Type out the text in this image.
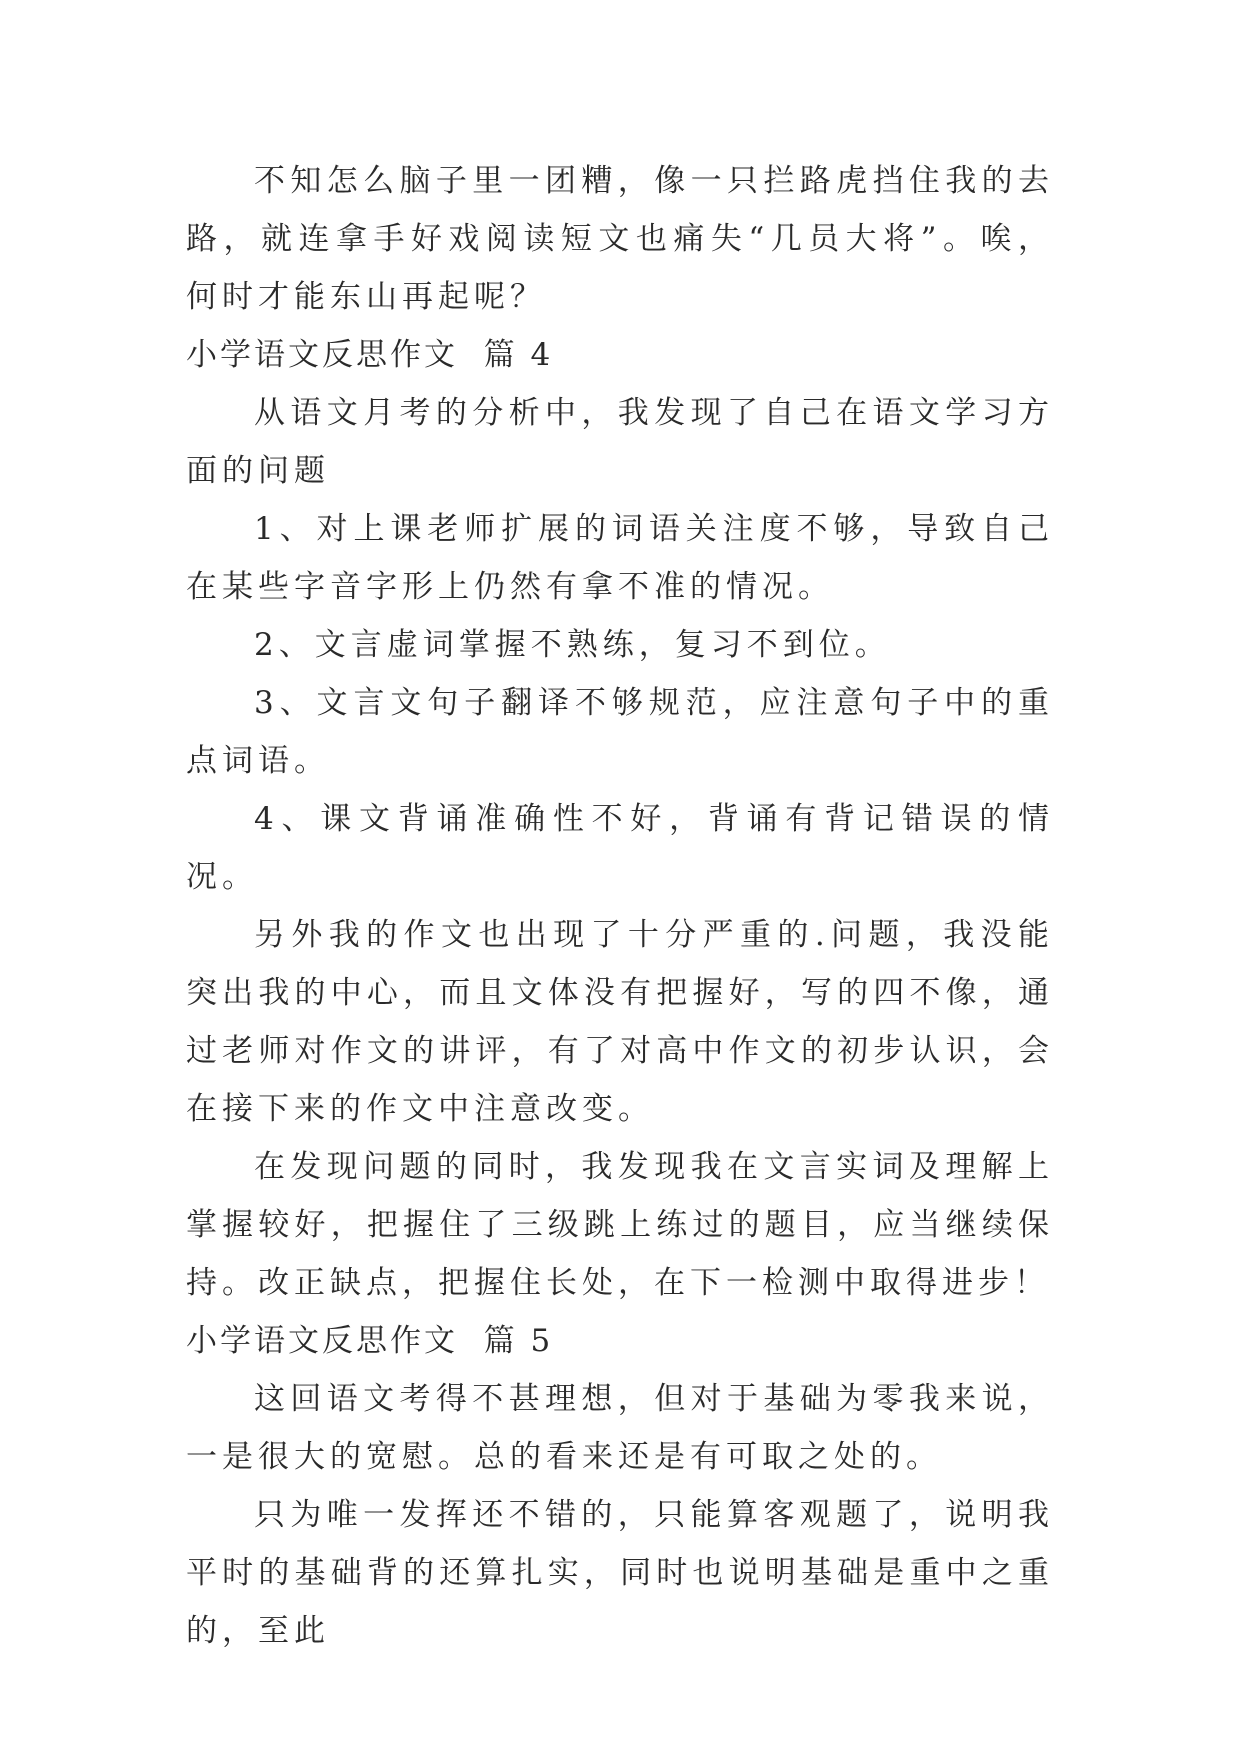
不知怎么脑子里一团糟，像一只拦路虎挡住我的去路，就连拿手好戏阅读短文也痛失“几员大将”。唉，何时才能东山再起呢？

小学语文反思作文  篇 4

从语文月考的分析中，我发现了自己在语文学习方面的问题

1、对上课老师扩展的词语关注度不够，导致自己在某些字音字形上仍然有拿不准的情况。

2、文言虚词掌握不熟练，复习不到位。

3、文言文句子翻译不够规范，应注意句子中的重点词语。

4、课文背诵准确性不好，背诵有背记错误的情况。

另外我的作文也出现了十分严重的.问题，我没能突出我的中心，而且文体没有把握好，写的四不像，通过老师对作文的讲评，有了对高中作文的初步认识，会在接下来的作文中注意改变。

在发现问题的同时，我发现我在文言实词及理解上掌握较好，把握住了三级跳上练过的题目，应当继续保持。改正缺点，把握住长处，在下一检测中取得进步！

小学语文反思作文  篇 5

这回语文考得不甚理想，但对于基础为零我来说，一是很大的宽慰。总的看来还是有可取之处的。

只为唯一发挥还不错的，只能算客观题了，说明我平时的基础背的还算扎实，同时也说明基础是重中之重的，至此
